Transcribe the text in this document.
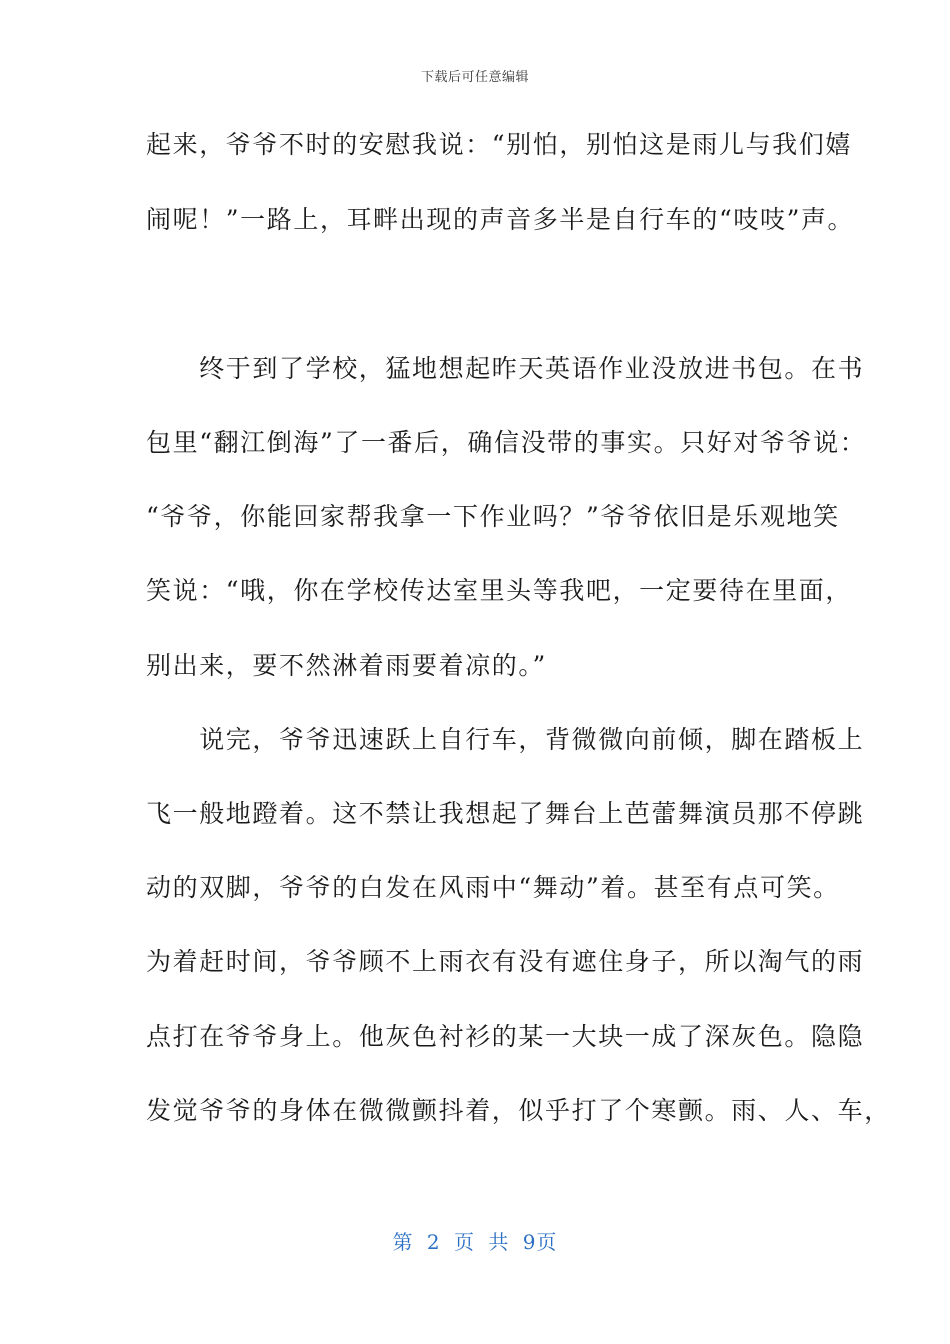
下载后可任意编辑
起来，爷爷不时的安慰我说：“别怕，别怕这是雨儿与我们嬉
闹呢！”一路上，耳畔出现的声音多半是自行车的“吱吱”声。
　　终于到了学校，猛地想起昨天英语作业没放进书包。在书
包里“翻江倒海”了一番后，确信没带的事实。只好对爷爷说：
“爷爷，你能回家帮我拿一下作业吗？”爷爷依旧是乐观地笑
笑说：“哦，你在学校传达室里头等我吧，一定要待在里面，
别出来，要不然淋着雨要着凉的。”
　　说完，爷爷迅速跃上自行车，背微微向前倾，脚在踏板上
飞一般地蹬着。这不禁让我想起了舞台上芭蕾舞演员那不停跳
动的双脚，爷爷的白发在风雨中“舞动”着。甚至有点可笑。
为着赶时间，爷爷顾不上雨衣有没有遮住身子，所以淘气的雨
点打在爷爷身上。他灰色衬衫的某一大块一成了深灰色。隐隐
发觉爷爷的身体在微微颤抖着，似乎打了个寒颤。雨、人、车，
第 2 页 共 9页
